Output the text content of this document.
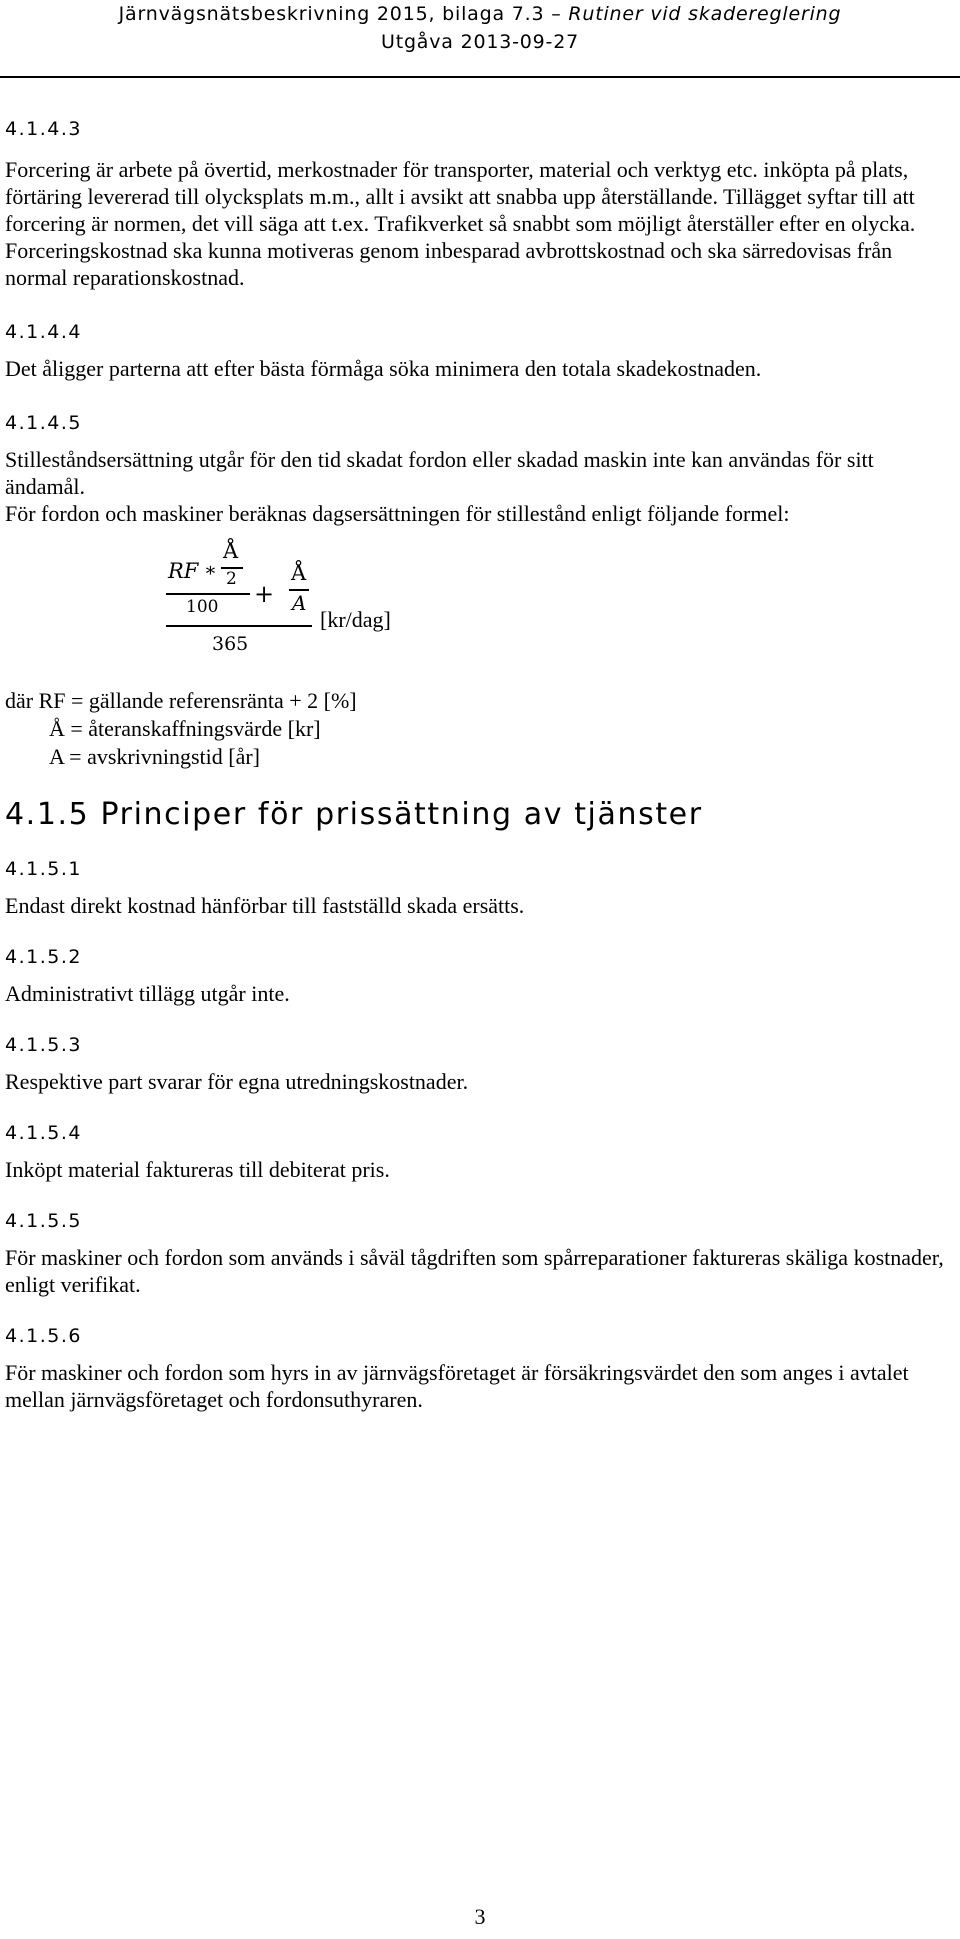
Järnvägsnätsbeskrivning 2015, bilaga 7.3 – Rutiner vid skadereglering
Utgåva 2013-09-27
4.1.4.3

Forcering är arbete på övertid, merkostnader för transporter, material och verktyg etc. inköpta på plats, förtäring levererad till olycksplats m.m., allt i avsikt att snabba upp återställande. Tillägget syftar till att forcering är normen, det vill säga att t.ex. Trafikverket så snabbt som möjligt återställer efter en olycka.

Forceringskostnad ska kunna motiveras genom inbesparad avbrottskostnad och ska särredovisas från normal reparationskostnad.

4.1.4.4

Det åligger parterna att efter bästa förmåga söka minimera den totala skadekostnaden.

4.1.4.5

Stilleståndsersättning utgår för den tid skadat fordon eller skadad maskin inte kan användas för sitt ändamål.

För fordon och maskiner beräknas dagsersättningen för stillestånd enligt följande formel:

RF ∗
Å
2
100 +
Å
A
365
[kr/dag]
där RF = gällande referensränta + 2 [%]
Å = återanskaffningsvärde [kr]
A = avskrivningstid [år]
4.1.5 Principer för prissättning av tjänster
4.1.5.1

Endast direkt kostnad hänförbar till fastställd skada ersätts.

4.1.5.2

Administrativt tillägg utgår inte.

4.1.5.3

Respektive part svarar för egna utredningskostnader.

4.1.5.4

Inköpt material faktureras till debiterat pris.

4.1.5.5

För maskiner och fordon som används i såväl tågdriften som spårreparationer faktureras skäliga kostnader, enligt verifikat.

4.1.5.6

För maskiner och fordon som hyrs in av järnvägsföretaget är försäkringsvärdet den som anges i avtalet mellan järnvägsföretaget och fordonsuthyraren.

3
